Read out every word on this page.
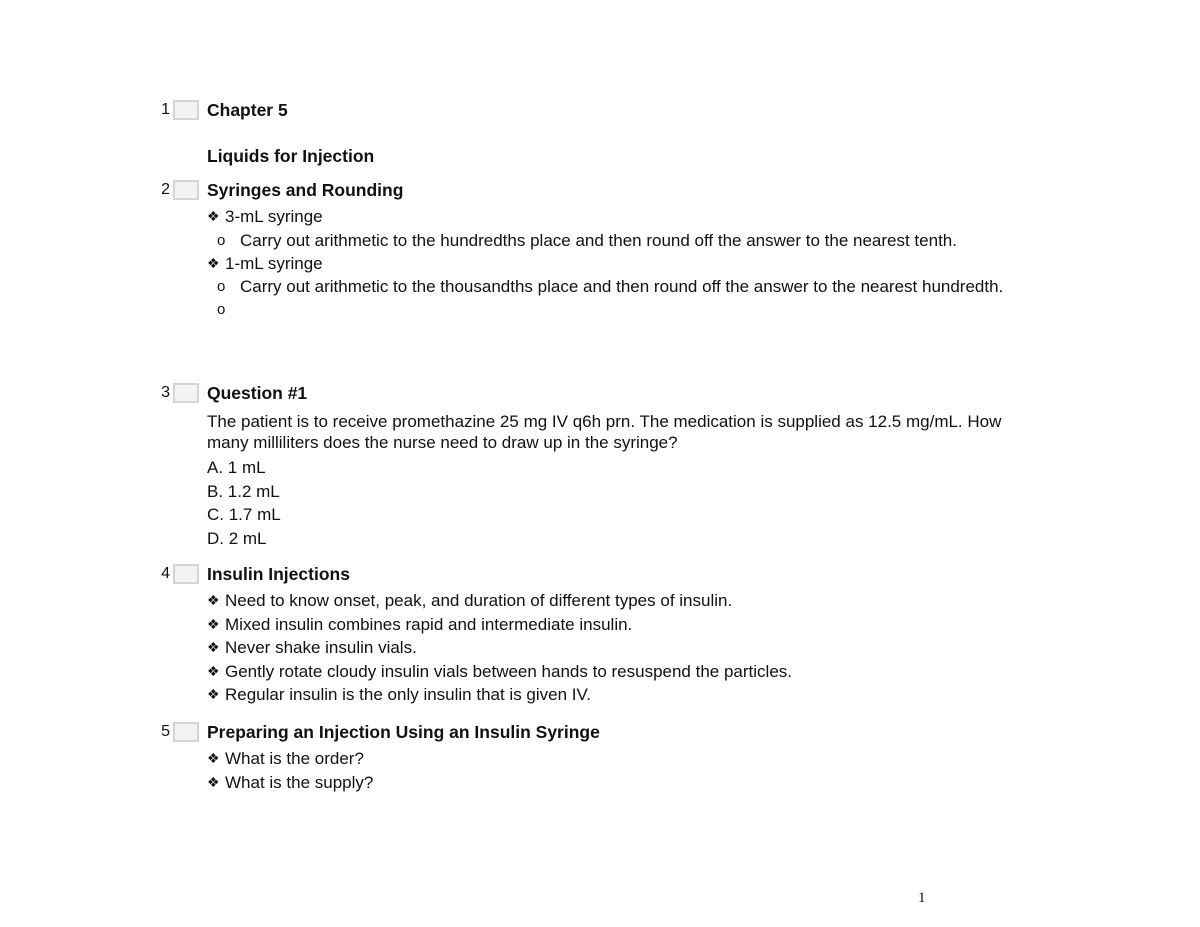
1 Chapter 5
Liquids for Injection
2 Syringes and Rounding
❖ 3-mL syringe
o Carry out arithmetic to the hundredths place and then round off the answer to the nearest tenth.
❖ 1-mL syringe
o Carry out arithmetic to the thousandths place and then round off the answer to the nearest hundredth.
o
3 Question #1
The patient is to receive promethazine 25 mg IV q6h prn. The medication is supplied as 12.5 mg/mL. How many milliliters does the nurse need to draw up in the syringe?
A. 1 mL
B. 1.2 mL
C. 1.7 mL
D. 2 mL
4 Insulin Injections
❖ Need to know onset, peak, and duration of different types of insulin.
❖ Mixed insulin combines rapid and intermediate insulin.
❖ Never shake insulin vials.
❖ Gently rotate cloudy insulin vials between hands to resuspend the particles.
❖ Regular insulin is the only insulin that is given IV.
5 Preparing an Injection Using an Insulin Syringe
❖ What is the order?
❖ What is the supply?
1
